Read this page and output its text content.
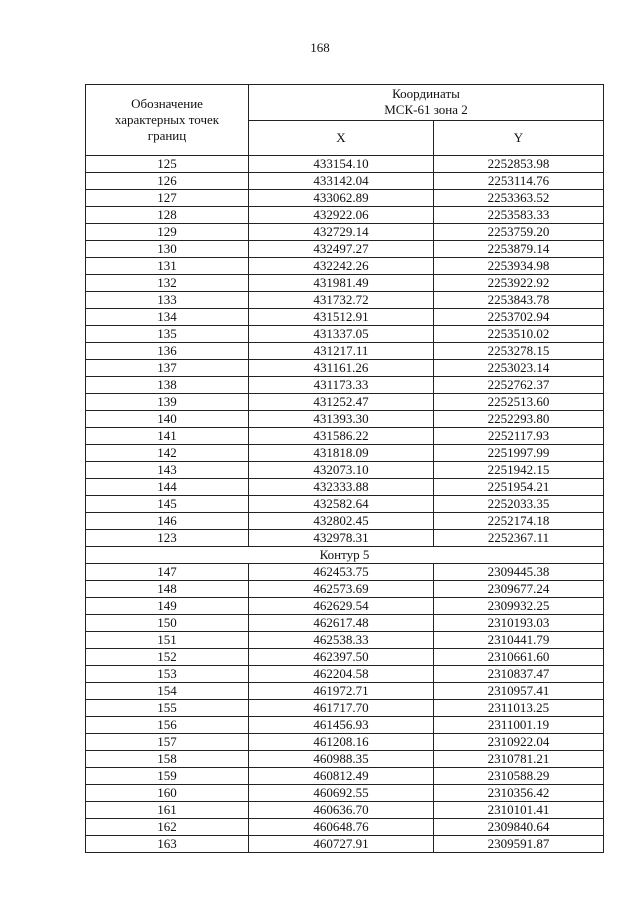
168
Обозначение
характерных точек
границ	Координаты
МСК-61 зона 2	

	X	Y
125	433154.10	2252853.98
126	433142.04	2253114.76
127	433062.89	2253363.52
128	432922.06	2253583.33
129	432729.14	2253759.20
130	432497.27	2253879.14
131	432242.26	2253934.98
132	431981.49	2253922.92
133	431732.72	2253843.78
134	431512.91	2253702.94
135	431337.05	2253510.02
136	431217.11	2253278.15
137	431161.26	2253023.14
138	431173.33	2252762.37
139	431252.47	2252513.60
140	431393.30	2252293.80
141	431586.22	2252117.93
142	431818.09	2251997.99
143	432073.10	2251942.15
144	432333.88	2251954.21
145	432582.64	2252033.35
146	432802.45	2252174.18
123	432978.31	2252367.11
Контур 5		
147	462453.75	2309445.38
148	462573.69	2309677.24
149	462629.54	2309932.25
150	462617.48	2310193.03
151	462538.33	2310441.79
152	462397.50	2310661.60
153	462204.58	2310837.47
154	461972.71	2310957.41
155	461717.70	2311013.25
156	461456.93	2311001.19
157	461208.16	2310922.04
158	460988.35	2310781.21
159	460812.49	2310588.29
160	460692.55	2310356.42
161	460636.70	2310101.41
162	460648.76	2309840.64
163	460727.91	2309591.87
